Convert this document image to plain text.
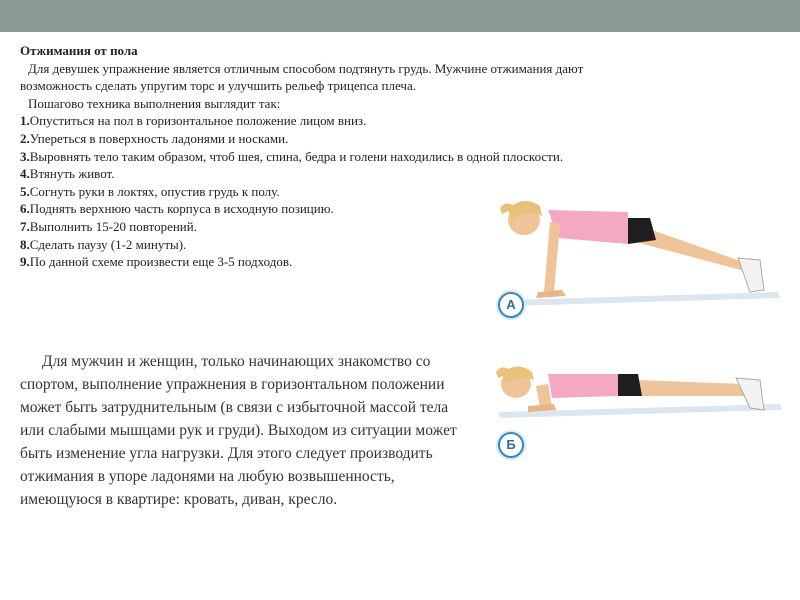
Отжимания от пола
Для девушек упражнение является отличным способом подтянуть грудь. Мужчине отжимания дают возможность сделать упругим торс и улучшить рельеф трицепса плеча.
Пошагово техника выполнения выглядит так:
1.Опуститься на пол в горизонтальное положение лицом вниз.
2.Упереться в поверхность ладонями и носками.
3.Выровнять тело таким образом, чтоб шея, спина, бедра и голени находились в одной плоскости.
4.Втянуть живот.
5.Согнуть руки в локтях, опустив грудь к полу.
6.Поднять верхнюю часть корпуса в исходную позицию.
7.Выполнить 15-20 повторений.
8.Сделать паузу (1-2 минуты).
9.По данной схеме произвести еще 3-5 подходов.
Для мужчин и женщин, только начинающих знакомство со спортом, выполнение упражнения в горизонтальном положении может быть затруднительным (в связи с избыточной массой тела или слабыми мышцами рук и груди). Выходом из ситуации может быть изменение угла нагрузки. Для этого следует производить отжимания в упоре ладонями на любую возвышенность, имеющуюся в квартире: кровать, диван, кресло.
А
Б
